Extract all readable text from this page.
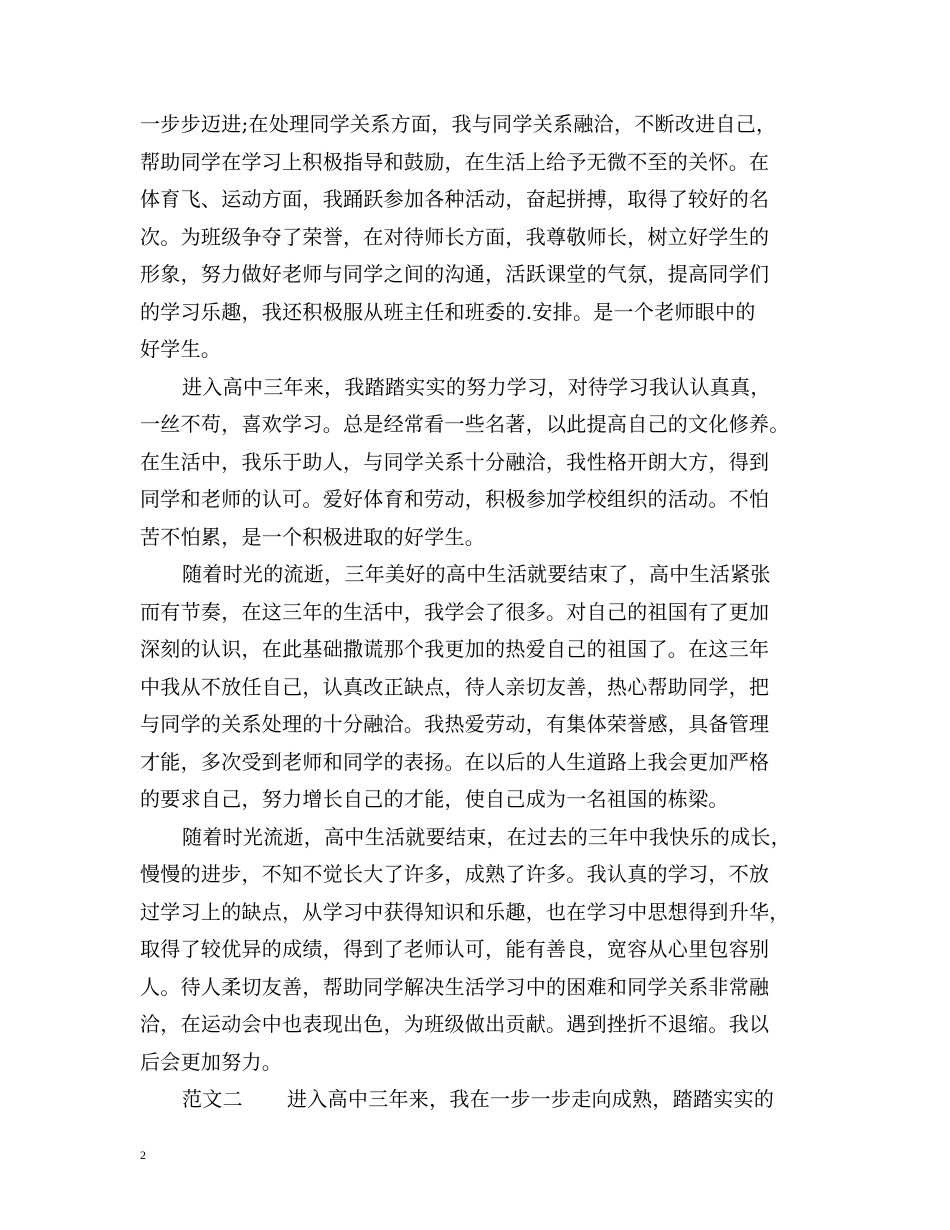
一步步迈进;在处理同学关系方面，我与同学关系融洽，不断改进自己，
帮助同学在学习上积极指导和鼓励，在生活上给予无微不至的关怀。在
体育飞、运动方面，我踊跃参加各种活动，奋起拼搏，取得了较好的名
次。为班级争夺了荣誉，在对待师长方面，我尊敬师长，树立好学生的
形象，努力做好老师与同学之间的沟通，活跃课堂的气氛，提高同学们
的学习乐趣，我还积极服从班主任和班委的.安排。是一个老师眼中的
好学生。
进入高中三年来，我踏踏实实的努力学习，对待学习我认认真真，
一丝不苟，喜欢学习。总是经常看一些名著，以此提高自己的文化修养。
在生活中，我乐于助人，与同学关系十分融洽，我性格开朗大方，得到
同学和老师的认可。爱好体育和劳动，积极参加学校组织的活动。不怕
苦不怕累，是一个积极进取的好学生。
随着时光的流逝，三年美好的高中生活就要结束了，高中生活紧张
而有节奏，在这三年的生活中，我学会了很多。对自己的祖国有了更加
深刻的认识，在此基础撒谎那个我更加的热爱自己的祖国了。在这三年
中我从不放任自己，认真改正缺点，待人亲切友善，热心帮助同学，把
与同学的关系处理的十分融洽。我热爱劳动，有集体荣誉感，具备管理
才能，多次受到老师和同学的表扬。在以后的人生道路上我会更加严格
的要求自己，努力增长自己的才能，使自己成为一名祖国的栋梁。
随着时光流逝，高中生活就要结束，在过去的三年中我快乐的成长，
慢慢的进步，不知不觉长大了许多，成熟了许多。我认真的学习，不放
过学习上的缺点，从学习中获得知识和乐趣，也在学习中思想得到升华，
取得了较优异的成绩，得到了老师认可，能有善良，宽容从心里包容别
人。待人柔切友善，帮助同学解决生活学习中的困难和同学关系非常融
洽，在运动会中也表现出色，为班级做出贡献。遇到挫折不退缩。我以
后会更加努力。
范文二 进入高中三年来，我在一步一步走向成熟，踏踏实实的
2
